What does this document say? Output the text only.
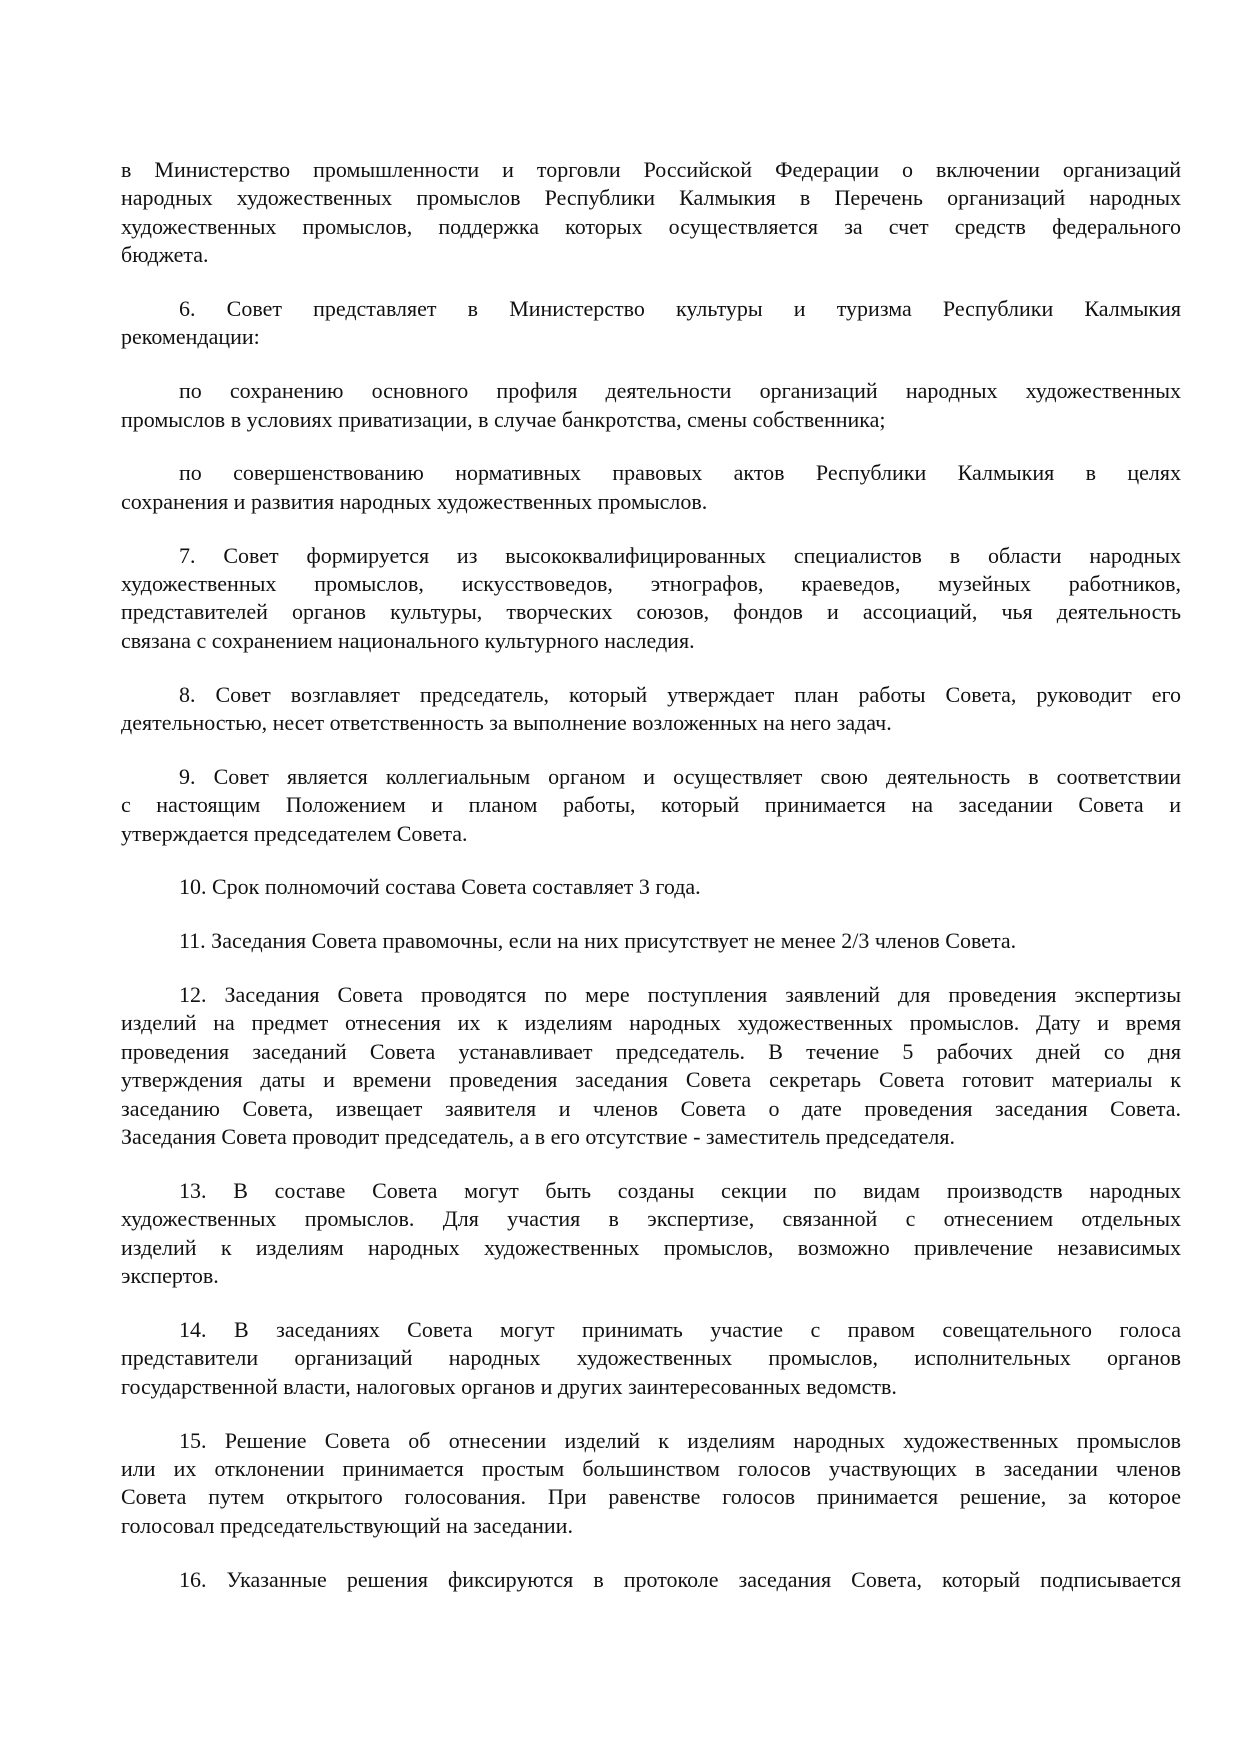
в Министерство промышленности и торговли Российской Федерации о включении организаций
народных художественных промыслов Республики Калмыкия в Перечень организаций народных
художественных промыслов, поддержка которых осуществляется за счет средств федерального
бюджета.
6. Совет представляет в Министерство культуры и туризма Республики Калмыкия
рекомендации:
по сохранению основного профиля деятельности организаций народных художественных
промыслов в условиях приватизации, в случае банкротства, смены собственника;
по совершенствованию нормативных правовых актов Республики Калмыкия в целях
сохранения и развития народных художественных промыслов.
7. Совет формируется из высококвалифицированных специалистов в области народных
художественных промыслов, искусствоведов, этнографов, краеведов, музейных работников,
представителей органов культуры, творческих союзов, фондов и ассоциаций, чья деятельность
связана с сохранением национального культурного наследия.
8. Совет возглавляет председатель, который утверждает план работы Совета, руководит его
деятельностью, несет ответственность за выполнение возложенных на него задач.
9. Совет является коллегиальным органом и осуществляет свою деятельность в соответствии
с настоящим Положением и планом работы, который принимается на заседании Совета и
утверждается председателем Совета.
10. Срок полномочий состава Совета составляет 3 года.
11. Заседания Совета правомочны, если на них присутствует не менее 2/3 членов Совета.
12. Заседания Совета проводятся по мере поступления заявлений для проведения экспертизы
изделий на предмет отнесения их к изделиям народных художественных промыслов. Дату и время
проведения заседаний Совета устанавливает председатель. В течение 5 рабочих дней со дня
утверждения даты и времени проведения заседания Совета секретарь Совета готовит материалы к
заседанию Совета, извещает заявителя и членов Совета о дате проведения заседания Совета.
Заседания Совета проводит председатель, а в его отсутствие - заместитель председателя.
13. В составе Совета могут быть созданы секции по видам производств народных
художественных промыслов. Для участия в экспертизе, связанной с отнесением отдельных
изделий к изделиям народных художественных промыслов, возможно привлечение независимых
экспертов.
14. В заседаниях Совета могут принимать участие с правом совещательного голоса
представители организаций народных художественных промыслов, исполнительных органов
государственной власти, налоговых органов и других заинтересованных ведомств.
15. Решение Совета об отнесении изделий к изделиям народных художественных промыслов
или их отклонении принимается простым большинством голосов участвующих в заседании членов
Совета путем открытого голосования. При равенстве голосов принимается решение, за которое
голосовал председательствующий на заседании.
16. Указанные решения фиксируются в протоколе заседания Совета, который подписывается
